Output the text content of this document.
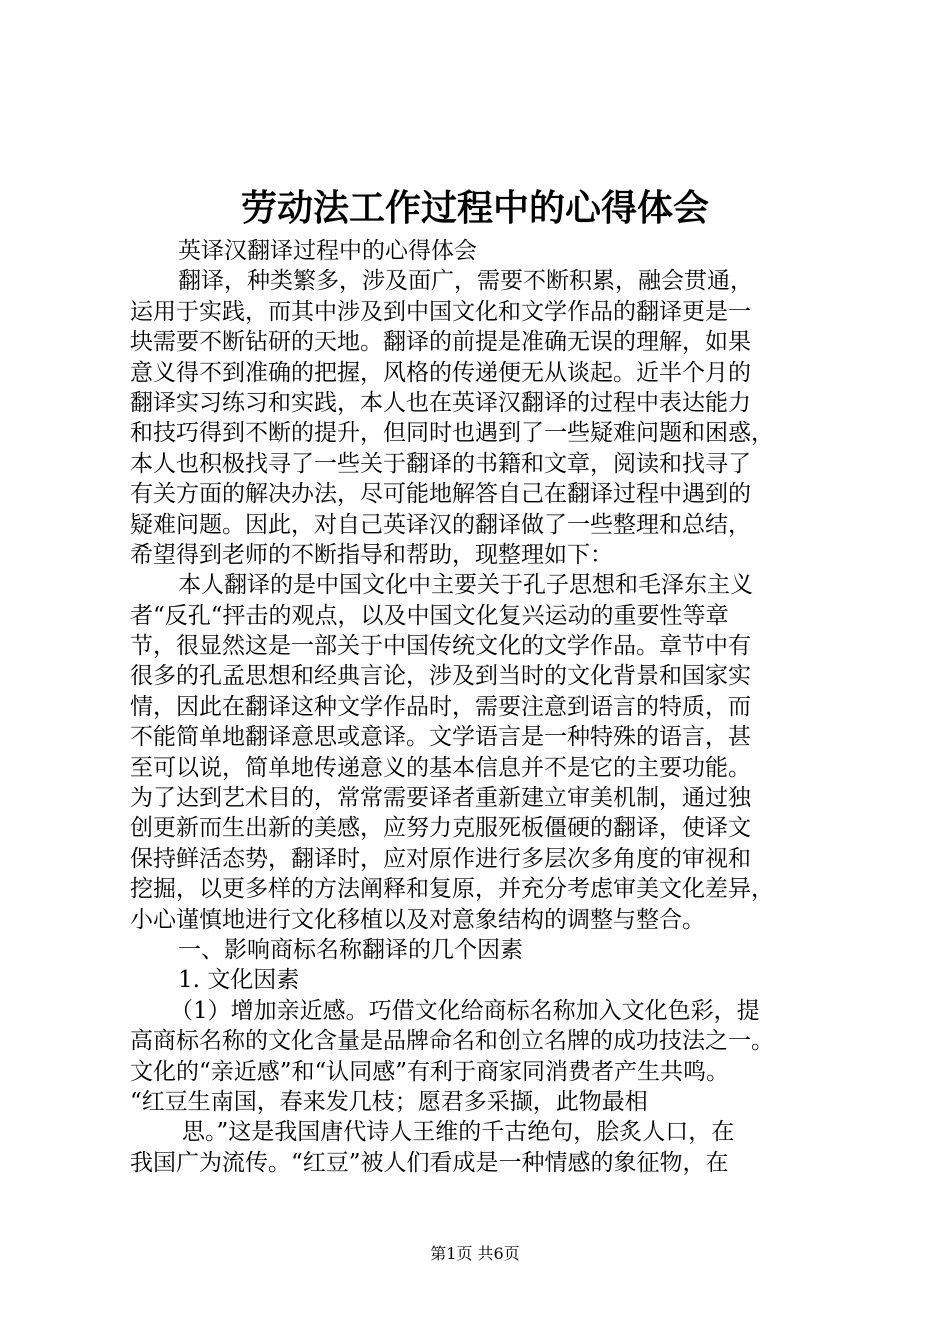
劳动法工作过程中的心得体会
英译汉翻译过程中的心得体会
翻译，种类繁多，涉及面广，需要不断积累，融会贯通，
运用于实践，而其中涉及到中国文化和文学作品的翻译更是一
块需要不断钻研的天地。翻译的前提是准确无误的理解，如果
意义得不到准确的把握，风格的传递便无从谈起。近半个月的
翻译实习练习和实践，本人也在英译汉翻译的过程中表达能力
和技巧得到不断的提升，但同时也遇到了一些疑难问题和困惑，
本人也积极找寻了一些关于翻译的书籍和文章，阅读和找寻了
有关方面的解决办法，尽可能地解答自己在翻译过程中遇到的
疑难问题。因此，对自己英译汉的翻译做了一些整理和总结，
希望得到老师的不断指导和帮助，现整理如下：
本人翻译的是中国文化中主要关于孔子思想和毛泽东主义
者“反孔“抨击的观点，以及中国文化复兴运动的重要性等章
节，很显然这是一部关于中国传统文化的文学作品。章节中有
很多的孔孟思想和经典言论，涉及到当时的文化背景和国家实
情，因此在翻译这种文学作品时，需要注意到语言的特质，而
不能简单地翻译意思或意译。文学语言是一种特殊的语言，甚
至可以说，简单地传递意义的基本信息并不是它的主要功能。
为了达到艺术目的，常常需要译者重新建立审美机制，通过独
创更新而生出新的美感，应努力克服死板僵硬的翻译，使译文
保持鲜活态势，翻译时，应对原作进行多层次多角度的审视和
挖掘，以更多样的方法阐释和复原，并充分考虑审美文化差异，
小心谨慎地进行文化移植以及对意象结构的调整与整合。
一、影响商标名称翻译的几个因素
1. 文化因素
（1）增加亲近感。巧借文化给商标名称加入文化色彩，提
高商标名称的文化含量是品牌命名和创立名牌的成功技法之一。
文化的“亲近感”和“认同感”有利于商家同消费者产生共鸣。
“红豆生南国，春来发几枝；愿君多采撷，此物最相
思。”这是我国唐代诗人王维的千古绝句，脍炙人口，在
我国广为流传。“红豆”被人们看成是一种情感的象征物，在
第1页 共6页
